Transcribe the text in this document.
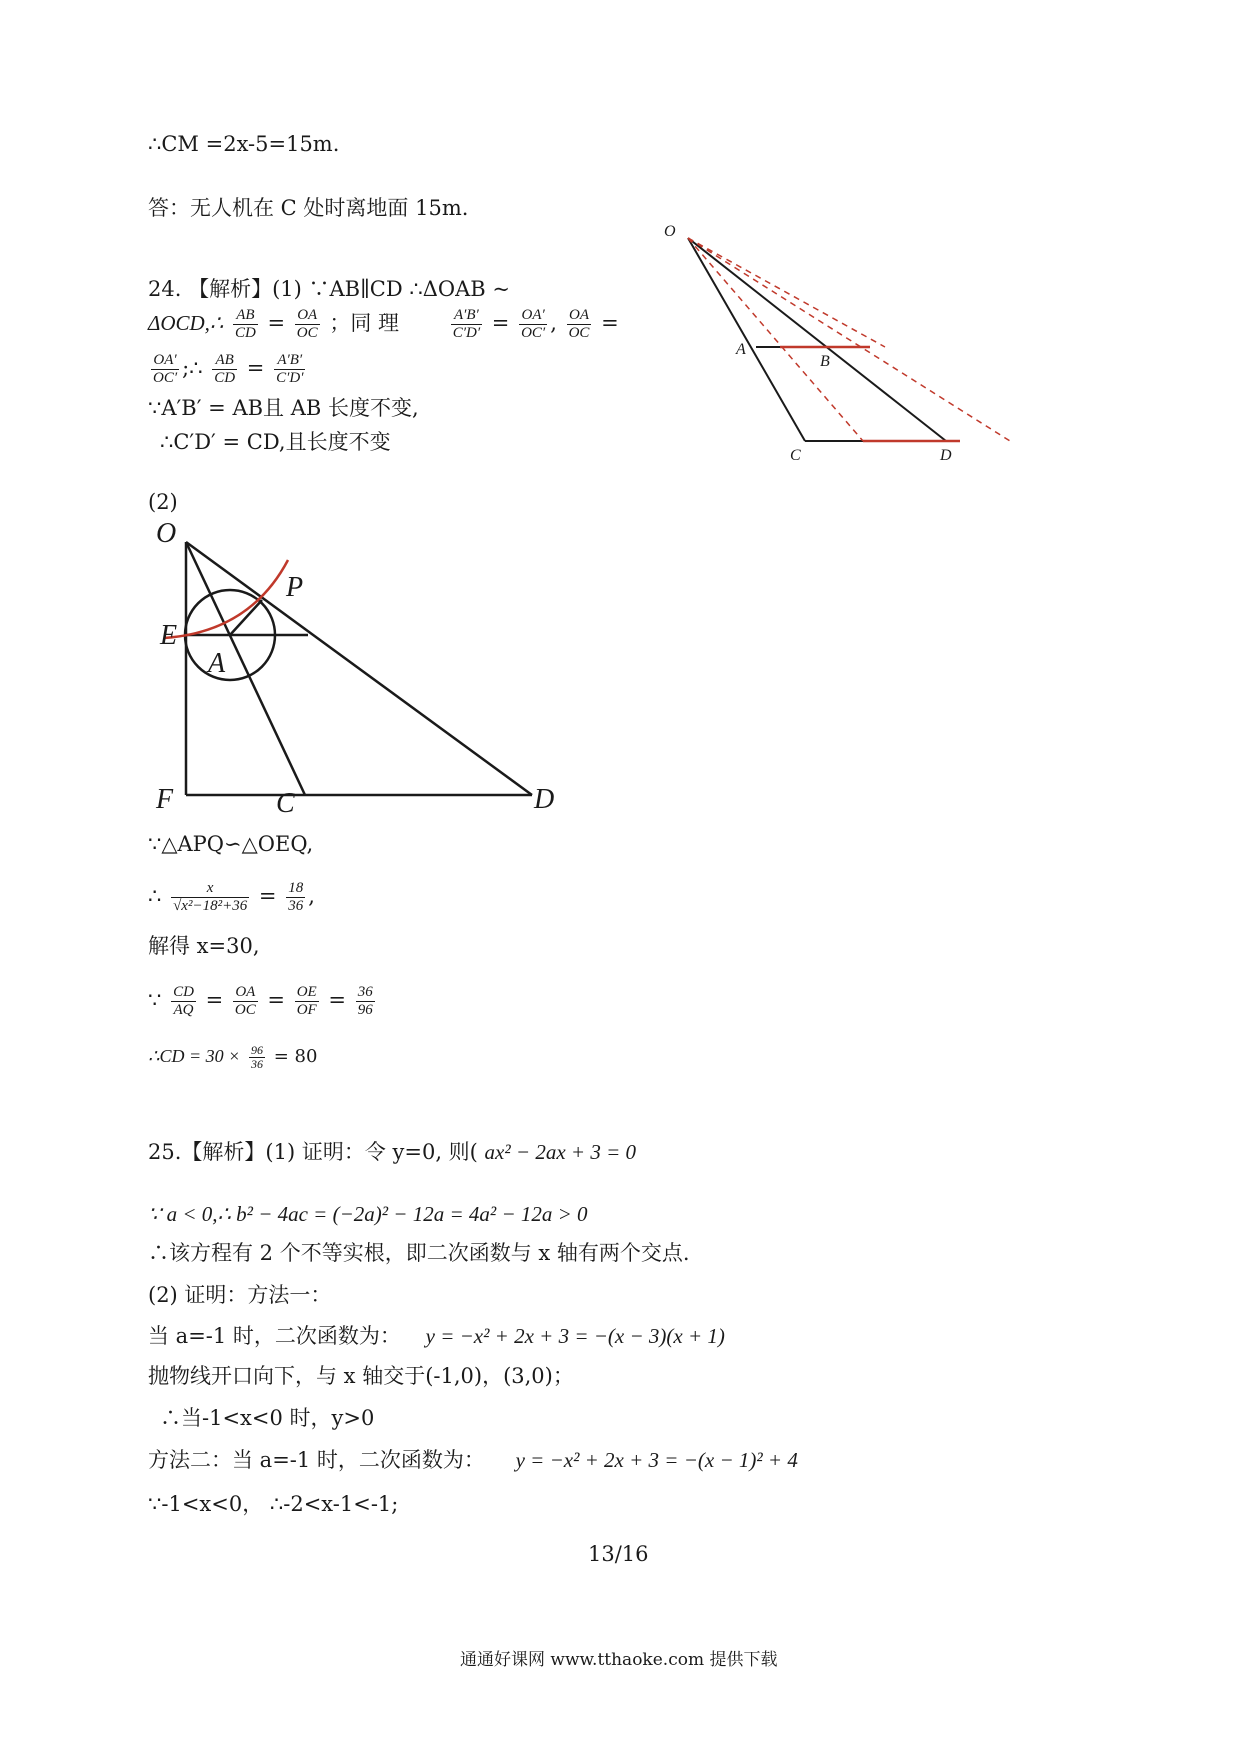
∴CM =2x-5=15m.
答：无人机在 C 处时离地面 15m.
24. 【解析】(1) ∵AB∥CD ∴ΔOAB ~
ΔOCD,∴ $\frac{AB}{CD} = \frac{OA}{OC}$ ；同 理	$\frac{A'B'}{C'D'} = \frac{OA'}{OC'}$ , $\frac{OA}{OC}$ =
$\frac{OA'}{OC'}$ ;∴ $\frac{AB}{CD} = \frac{A'B'}{C'D'}$
∵A′B′ = AB且 AB 长度不变,
∴C′D′ = CD,且长度不变
O
A
B
C	D
(2)
O
P
E
A
F	C	D
∵△APQ∽△OEQ,
∴ $\frac{x}{\text{√x²−18²+36}} = \frac{18}{36}$ ,
解得 x=30,
∵ $\frac{CD}{AQ} = \frac{OA}{OC} = \frac{OE}{OF} = \frac{36}{96}$
∴CD = $30 \times \frac{96}{36} = 80$
25.【解析】(1) 证明：令 y=0, 则( ax² − 2ax + 3 = 0
∵ a < 0,∴ b² − 4ac = (−2a)² − 12a = 4a² − 12a > 0
∴该方程有 2 个不等实根，即二次函数与 x 轴有两个交点.
(2) 证明：方法一：
当 a=-1 时，二次函数为： y = −x² + 2x + 3 = −(x − 3)(x + 1)
抛物线开口向下，与 x 轴交于(-1,0)，(3,0)；
∴当-1<x<0 时，y>0
方法二：当 a=-1 时，二次函数为： y = −x² + 2x + 3 = −(x − 1)² + 4
∵-1<x<0， ∴-2<x-1<-1;
13/16
通通好课网 www.tthaoke.com 提供下载
